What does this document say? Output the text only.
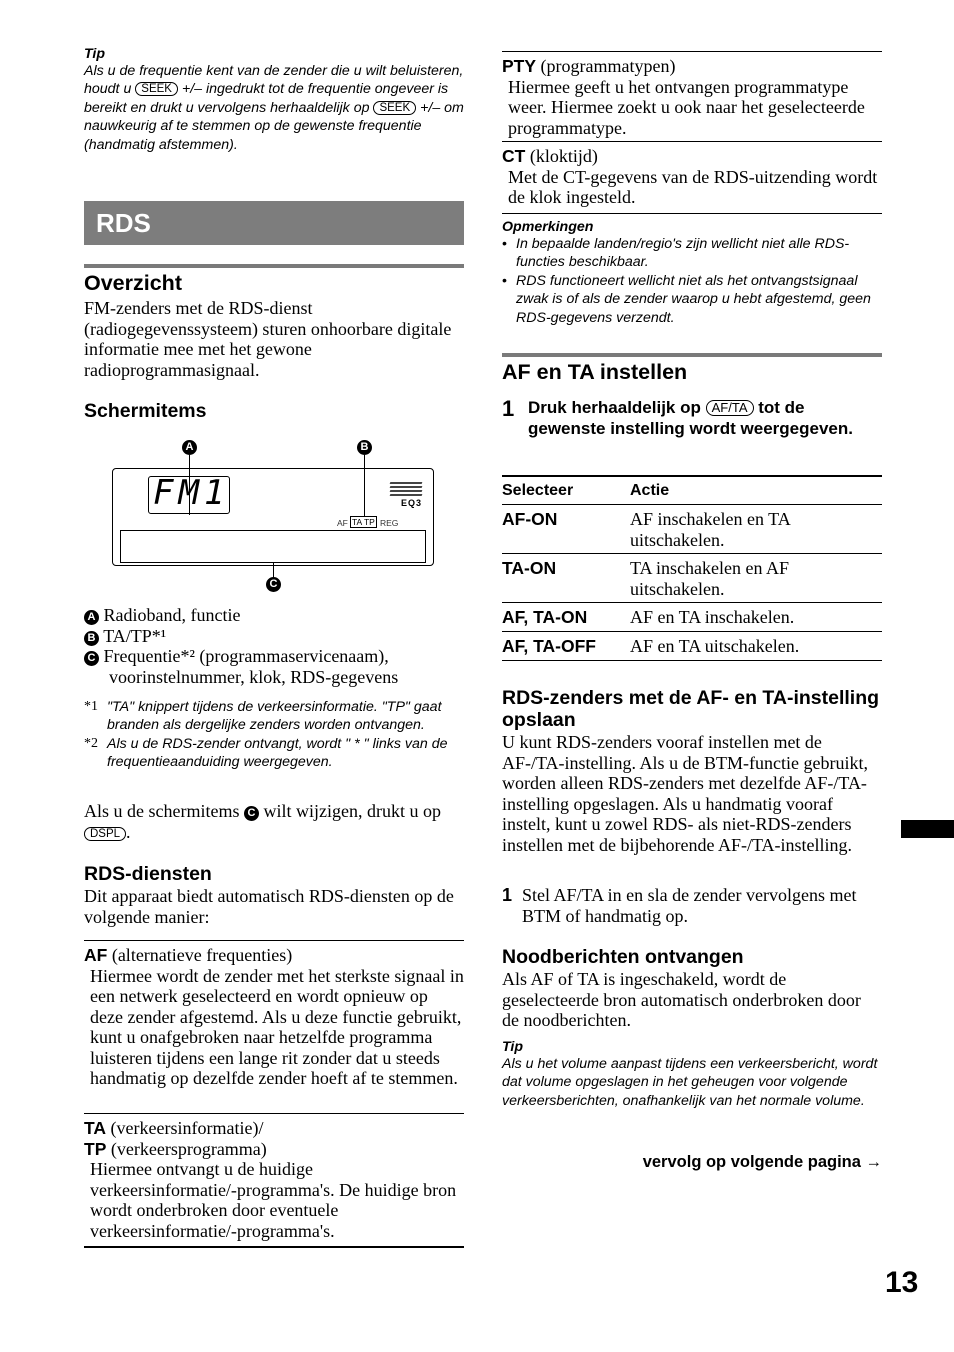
Tip
Als u de frequentie kent van de zender die u wilt beluisteren, houdt u SEEK +/– ingedrukt tot de frequentie ongeveer is bereikt en drukt u vervolgens herhaaldelijk op SEEK +/– om nauwkeurig af te stemmen op de gewenste frequentie (handmatig afstemmen).
RDS
Overzicht
FM-zenders met de RDS-dienst (radiogegevenssysteem) sturen onhoorbare digitale informatie mee met het gewone radioprogrammasignaal.
Schermitems
A	B
FM1	EQ3
AF TA TP REG
C
A Radioband, functie
B TA/TP*¹
C Frequentie*² (programmaservicenaam), voorinstelnummer, klok, RDS-gegevens
*1 "TA" knippert tijdens de verkeersinformatie. "TP" gaat branden als dergelijke zenders worden ontvangen.
*2 Als u de RDS-zender ontvangt, wordt " * " links van de frequentieaanduiding weergegeven.
Als u de schermitems C wilt wijzigen, drukt u op DSPL .
RDS-diensten
Dit apparaat biedt automatisch RDS-diensten op de volgende manier:
AF (alternatieve frequenties)
Hiermee wordt de zender met het sterkste signaal in een netwerk geselecteerd en wordt opnieuw op deze zender afgestemd. Als u deze functie gebruikt, kunt u onafgebroken naar hetzelfde programma luisteren tijdens een lange rit zonder dat u steeds handmatig op dezelfde zender hoeft af te stemmen.
TA (verkeersinformatie)/
TP (verkeersprogramma)
Hiermee ontvangt u de huidige verkeersinformatie/-programma's. De huidige bron wordt onderbroken door eventuele verkeersinformatie/-programma's.
PTY (programmatypen)
Hiermee geeft u het ontvangen programmatype weer. Hiermee zoekt u ook naar het geselecteerde programmatype.
CT (kloktijd)
Met de CT-gegevens van de RDS-uitzending wordt de klok ingesteld.
Opmerkingen
• In bepaalde landen/regio's zijn wellicht niet alle RDS-functies beschikbaar.
• RDS functioneert wellicht niet als het ontvangstsignaal zwak is of als de zender waarop u hebt afgestemd, geen RDS-gegevens verzendt.
AF en TA instellen
1 Druk herhaaldelijk op AF/TA tot de gewenste instelling wordt weergegeven.
Selecteer	Actie
AF-ON	AF inschakelen en TA uitschakelen.
TA-ON	TA inschakelen en AF uitschakelen.
AF, TA-ON	AF en TA inschakelen.
AF, TA-OFF	AF en TA uitschakelen.
RDS-zenders met de AF- en TA-instelling opslaan
U kunt RDS-zenders vooraf instellen met de AF-/TA-instelling. Als u de BTM-functie gebruikt, worden alleen RDS-zenders met dezelfde AF-/TA-instelling opgeslagen. Als u handmatig vooraf instelt, kunt u zowel RDS- als niet-RDS-zenders instellen met de bijbehorende AF-/TA-instelling.
1 Stel AF/TA in en sla de zender vervolgens met BTM of handmatig op.
Noodberichten ontvangen
Als AF of TA is ingeschakeld, wordt de geselecteerde bron automatisch onderbroken door de noodberichten.
Tip
Als u het volume aanpast tijdens een verkeersbericht, wordt dat volume opgeslagen in het geheugen voor volgende verkeersberichten, onafhankelijk van het normale volume.
vervolg op volgende pagina →
13
